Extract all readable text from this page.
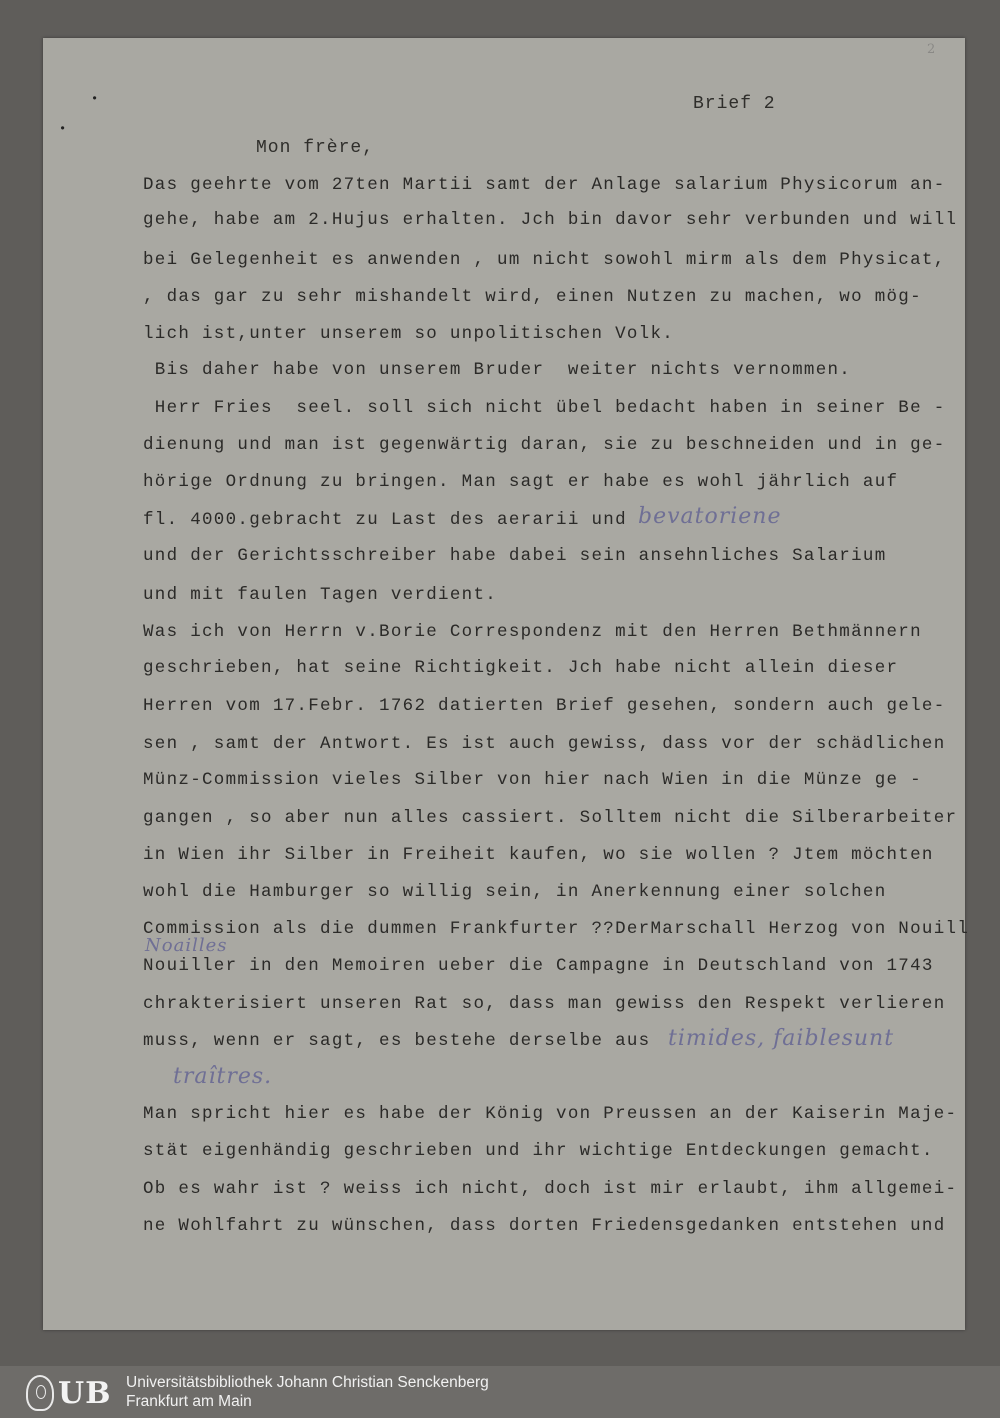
2
•
•
Brief 2
Mon frère,
Das geehrte vom 27ten Martii samt der Anlage salarium Physicorum an-
gehe, habe am 2.Hujus erhalten. Jch bin davor sehr verbunden und will
bei Gelegenheit es anwenden , um nicht sowohl mirm als dem Physicat,
, das gar zu sehr mishandelt wird, einen Nutzen zu machen, wo mög-
lich ist,unter unserem so unpolitischen Volk.
Bis daher habe von unserem Bruder  weiter nichts vernommen.
Herr Fries  seel. soll sich nicht übel bedacht haben in seiner Be -
dienung und man ist gegenwärtig daran, sie zu beschneiden und in ge-
hörige Ordnung zu bringen. Man sagt er habe es wohl jährlich auf
fl. 4000.gebracht zu Last des aerarii und bevatoriene
und der Gerichtsschreiber habe dabei sein ansehnliches Salarium
und mit faulen Tagen verdient.
Was ich von Herrn v.Borie Correspondenz mit den Herren Bethmännern
geschrieben, hat seine Richtigkeit. Jch habe nicht allein dieser
Herren vom 17.Febr. 1762 datierten Brief gesehen, sondern auch gele-
sen , samt der Antwort. Es ist auch gewiss, dass vor der schädlichen
Münz-Commission vieles Silber von hier nach Wien in die Münze ge -
gangen , so aber nun alles cassiert. Solltem nicht die Silberarbeiter
in Wien ihr Silber in Freiheit kaufen, wo sie wollen ? Jtem möchten
wohl die Hamburger so willig sein, in Anerkennung einer solchen
Commission als die dummen Frankfurter ??DerMarschall Herzog von Nouill
Noailles
Nouiller in den Memoiren ueber die Campagne in Deutschland von 1743
chrakterisiert unseren Rat so, dass man gewiss den Respekt verlieren
muss, wenn er sagt, es bestehe derselbe aus timides, faiblesunt
traîtres.
Man spricht hier es habe der König von Preussen an der Kaiserin Maje-
stät eigenhändig geschrieben und ihr wichtige Entdeckungen gemacht.
Ob es wahr ist ? weiss ich nicht, doch ist mir erlaubt, ihm allgemei-
ne Wohlfahrt zu wünschen, dass dorten Friedensgedanken entstehen und
UB Universitätsbibliothek Johann Christian Senckenberg
Frankfurt am Main
